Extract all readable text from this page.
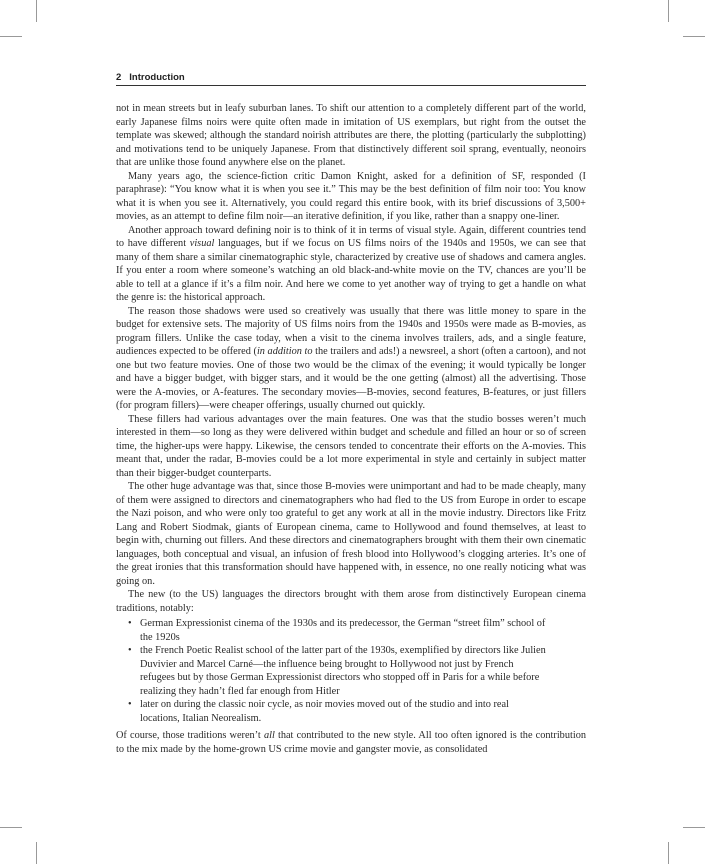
2 Introduction

not in mean streets but in leafy suburban lanes. To shift our attention to a completely different part of the world, early Japanese films noirs were quite often made in imitation of US exemplars, but right from the outset the template was skewed; although the standard noirish attributes are there, the plotting (particularly the subplotting) and motivations tend to be uniquely Japanese. From that distinctively different soil sprang, eventually, neonoirs that are unlike those found anywhere else on the planet.

Many years ago, the science-fiction critic Damon Knight, asked for a definition of SF, responded (I paraphrase): “You know what it is when you see it.” This may be the best definition of film noir too: You know what it is when you see it. Alternatively, you could regard this entire book, with its brief discussions of 3,500+ movies, as an attempt to define film noir—an iterative definition, if you like, rather than a snappy one-liner.

Another approach toward defining noir is to think of it in terms of visual style. Again, different countries tend to have different visual languages, but if we focus on US films noirs of the 1940s and 1950s, we can see that many of them share a similar cinematographic style, characterized by creative use of shadows and camera angles. If you enter a room where someone’s watching an old black-and-white movie on the TV, chances are you’ll be able to tell at a glance if it’s a film noir. And here we come to yet another way of trying to get a handle on what the genre is: the historical approach.

The reason those shadows were used so creatively was usually that there was little money to spare in the budget for extensive sets. The majority of US films noirs from the 1940s and 1950s were made as B-movies, as program fillers. Unlike the case today, when a visit to the cinema involves trailers, ads, and a single feature, audiences expected to be offered (in addition to the trailers and ads!) a newsreel, a short (often a cartoon), and not one but two feature movies. One of those two would be the climax of the evening; it would typically be longer and have a bigger budget, with bigger stars, and it would be the one getting (almost) all the advertising. Those were the A-movies, or A-features. The secondary movies—B-movies, second features, B-features, or just fillers (for program fillers)—were cheaper offerings, usually churned out quickly.

These fillers had various advantages over the main features. One was that the studio bosses weren’t much interested in them—so long as they were delivered within budget and schedule and filled an hour or so of screen time, the higher-ups were happy. Likewise, the censors tended to concentrate their efforts on the A-movies. This meant that, under the radar, B-movies could be a lot more experimental in style and certainly in subject matter than their bigger-budget counterparts.

The other huge advantage was that, since those B-movies were unimportant and had to be made cheaply, many of them were assigned to directors and cinematographers who had fled to the US from Europe in order to escape the Nazi poison, and who were only too grateful to get any work at all in the movie industry. Directors like Fritz Lang and Robert Siodmak, giants of European cinema, came to Hollywood and found themselves, at least to begin with, churning out fillers. And these directors and cinematographers brought with them their own cinematic languages, both conceptual and visual, an infusion of fresh blood into Hollywood’s clogging arteries. It’s one of the great ironies that this transformation should have happened with, in essence, no one really noticing what was going on.

The new (to the US) languages the directors brought with them arose from distinctively European cinema traditions, notably:

• German Expressionist cinema of the 1930s and its predecessor, the German “street film” school of the 1920s
• the French Poetic Realist school of the latter part of the 1930s, exemplified by directors like Julien Duvivier and Marcel Carné—the influence being brought to Hollywood not just by French refugees but by those German Expressionist directors who stopped off in Paris for a while before realizing they hadn’t fled far enough from Hitler
• later on during the classic noir cycle, as noir movies moved out of the studio and into real locations, Italian Neorealism.

Of course, those traditions weren’t all that contributed to the new style. All too often ignored is the contribution to the mix made by the home-grown US crime movie and gangster movie, as consolidated
